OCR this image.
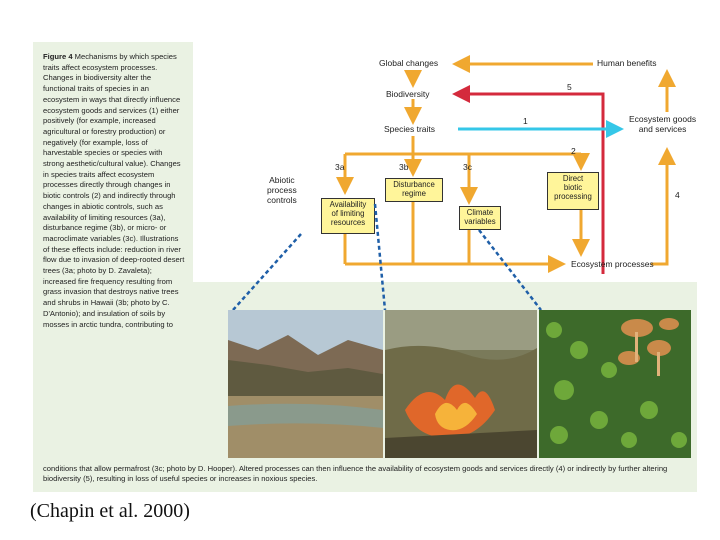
Figure 4 Mechanisms by which species traits affect ecosystem processes. Changes in biodiversity alter the functional traits of species in an ecosystem in ways that directly influence ecosystem goods and services (1) either positively (for example, increased agricultural or forestry production) or negatively (for example, loss of harvestable species or species with strong aesthetic/cultural value). Changes in species traits affect ecosystem processes directly through changes in biotic controls (2) and indirectly through changes in abiotic controls, such as availability of limiting resources (3a), disturbance regime (3b), or micro- or macroclimate variables (3c). Illustrations of these effects include: reduction in river flow due to invasion of deep-rooted desert trees (3a; photo by D. Zavaleta); increased fire frequency resulting from grass invasion that destroys native trees and shrubs in Hawaii (3b; photo by C. D'Antonio); and insulation of soils by mosses in arctic tundra, contributing to
Global changes	Human benefits
Biodiversity
Species traits
Ecosystem goods
and services
Abiotic
process
controls	Availability
of limiting
resources
Disturbance
regime
Climate
variables
Direct
biotic
processing
Ecosystem processes
1
2
3a	3b	3c
4
5
conditions that allow permafrost (3c; photo by D. Hooper). Altered processes can then influence the availability of ecosystem goods and services directly (4) or indirectly by further altering biodiversity (5), resulting in loss of useful species or increases in noxious species.
(Chapin et al. 2000)
